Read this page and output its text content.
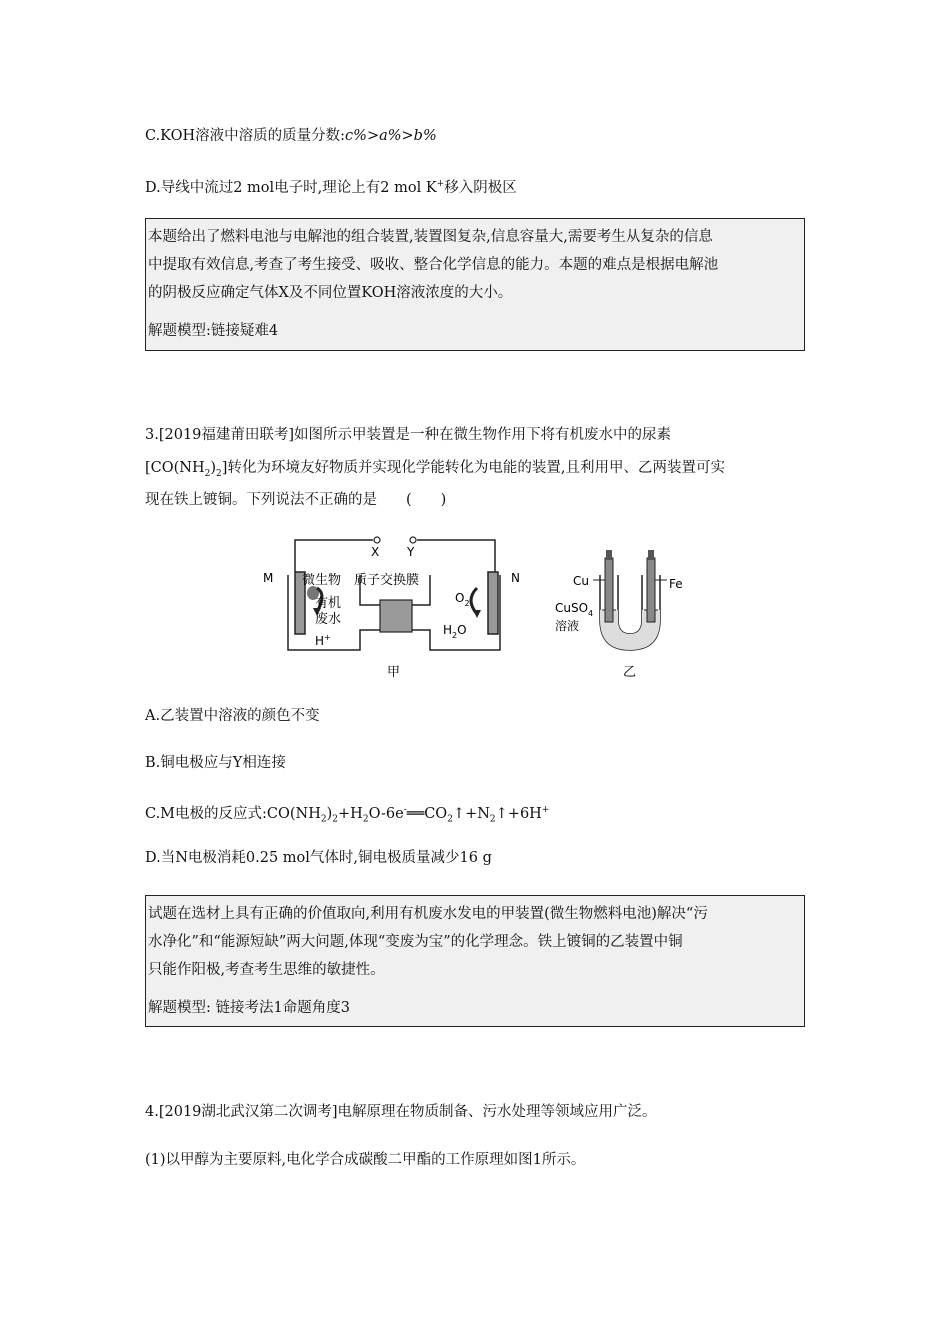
C.KOH溶液中溶质的质量分数:c%>a%>b%
D.导线中流过2 mol电子时,理论上有2 mol K+移入阴极区

本题给出了燃料电池与电解池的组合装置,装置图复杂,信息容量大,需要考生从复杂的信息

中提取有效信息,考查了考生接受、吸收、整合化学信息的能力。本题的难点是根据电解池

的阴极反应确定气体X及不同位置KOH溶液浓度的大小。

解题模型:链接疑难4

3.[2019福建莆田联考]如图所示甲装置是一种在微生物作用下将有机废水中的尿素
$[CO(NH_2)_2]$转化为环境友好物质并实现化学能转化为电能的装置,且利用甲、乙两装置可实
现在铁上镀铜。下列说法不正确的是　　(　　)
X Y
M	N
微生物
有机
废水
质子交换膜
$O_2$
$H_2O$
H+
甲
Cu	Fe
CuSO$_4$
溶液
乙
A.乙装置中溶液的颜色不变
B.铜电极应与Y相连接
C.M电极的反应式$:CO(NH_2)_2+H_2O-6e^-══CO_2↑+N_2↑+6H^+$
D.当N电极消耗0.25 mol气体时,铜电极质量减少16 g

试题在选材上具有正确的价值取向,利用有机废水发电的甲装置(微生物燃料电池)解决“污

水净化”和“能源短缺”两大问题,体现“变废为宝”的化学理念。铁上镀铜的乙装置中铜

只能作阳极,考查考生思维的敏捷性。

解题模型: 链接考法1命题角度3

4.[2019湖北武汉第二次调考]电解原理在物质制备、污水处理等领域应用广泛。
(1)以甲醇为主要原料,电化学合成碳酸二甲酯的工作原理如图1所示。
